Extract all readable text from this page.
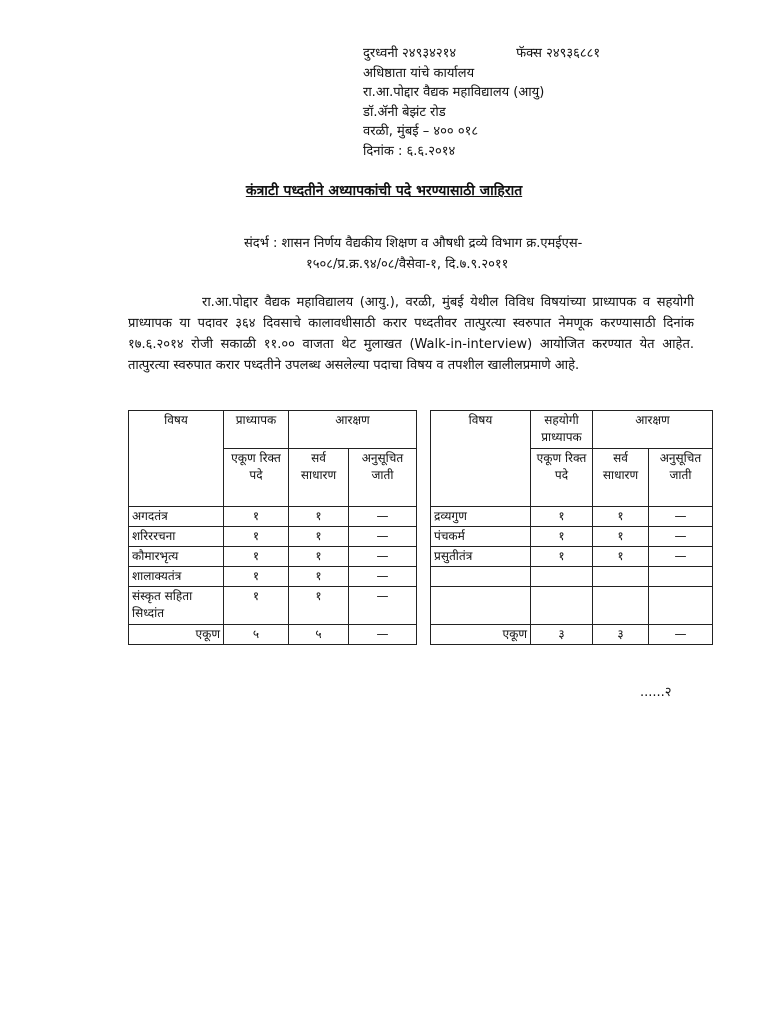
दुरध्वनी २४९३४२१४	फॅक्स २४९३६८८१
अधिष्ठाता यांचे कार्यालय
रा.आ.पोद्दार वैद्यक महाविद्यालय (आयु)
डॉ.ॲनी बेझंट रोड
वरळी, मुंबई – ४०० ०१८
दिनांक : ६.६.२०१४
कंत्राटी पध्दतीने अध्यापकांची पदे भरण्यासाठी जाहिरात
संदर्भ : शासन निर्णय वैद्यकीय शिक्षण व औषधी द्रव्ये विभाग क्र.एमईएस-
१५०८/प्र.क्र.९४/०८/वैसेवा-१, दि.७.९.२०११
रा.आ.पोद्दार वैद्यक महाविद्यालय (आयु.), वरळी, मुंबई येथील विविध विषयांच्या प्राध्यापक व सहयोगी प्राध्यापक या पदावर ३६४ दिवसाचे कालावधीसाठी करार पध्दतीवर तात्पुरत्या स्वरुपात नेमणूक करण्यासाठी दिनांक १७.६.२०१४ रोजी सकाळी ११.०० वाजता थेट मुलाखत (Walk-in-interview) आयोजित करण्यात येत आहेत. तात्पुरत्या स्वरुपात करार पध्दतीने उपलब्ध असलेल्या पदाचा विषय व तपशील खालीलप्रमाणे आहे.
विषय	प्राध्यापक	आरक्षण			विषय	सहयोगी प्राध्यापक	आरक्षण	
	एकूण रिक्त पदे	सर्व साधारण	अनुसूचित जाती			एकूण रिक्त पदे	सर्व साधारण	अनुसूचित जाती
अगदतंत्र	१	१	—		द्रव्यगुण	१	१	—
शरिररचना	१	१	—		पंचकर्म	१	१	—
कौमारभृत्य	१	१	—		प्रसुतीतंत्र	१	१	—
शालाक्यतंत्र	१	१	—					
संस्कृत सहिता सिध्दांत	१	१	—					
एकूण	५	५	—		एकूण	३	३	—
......२
